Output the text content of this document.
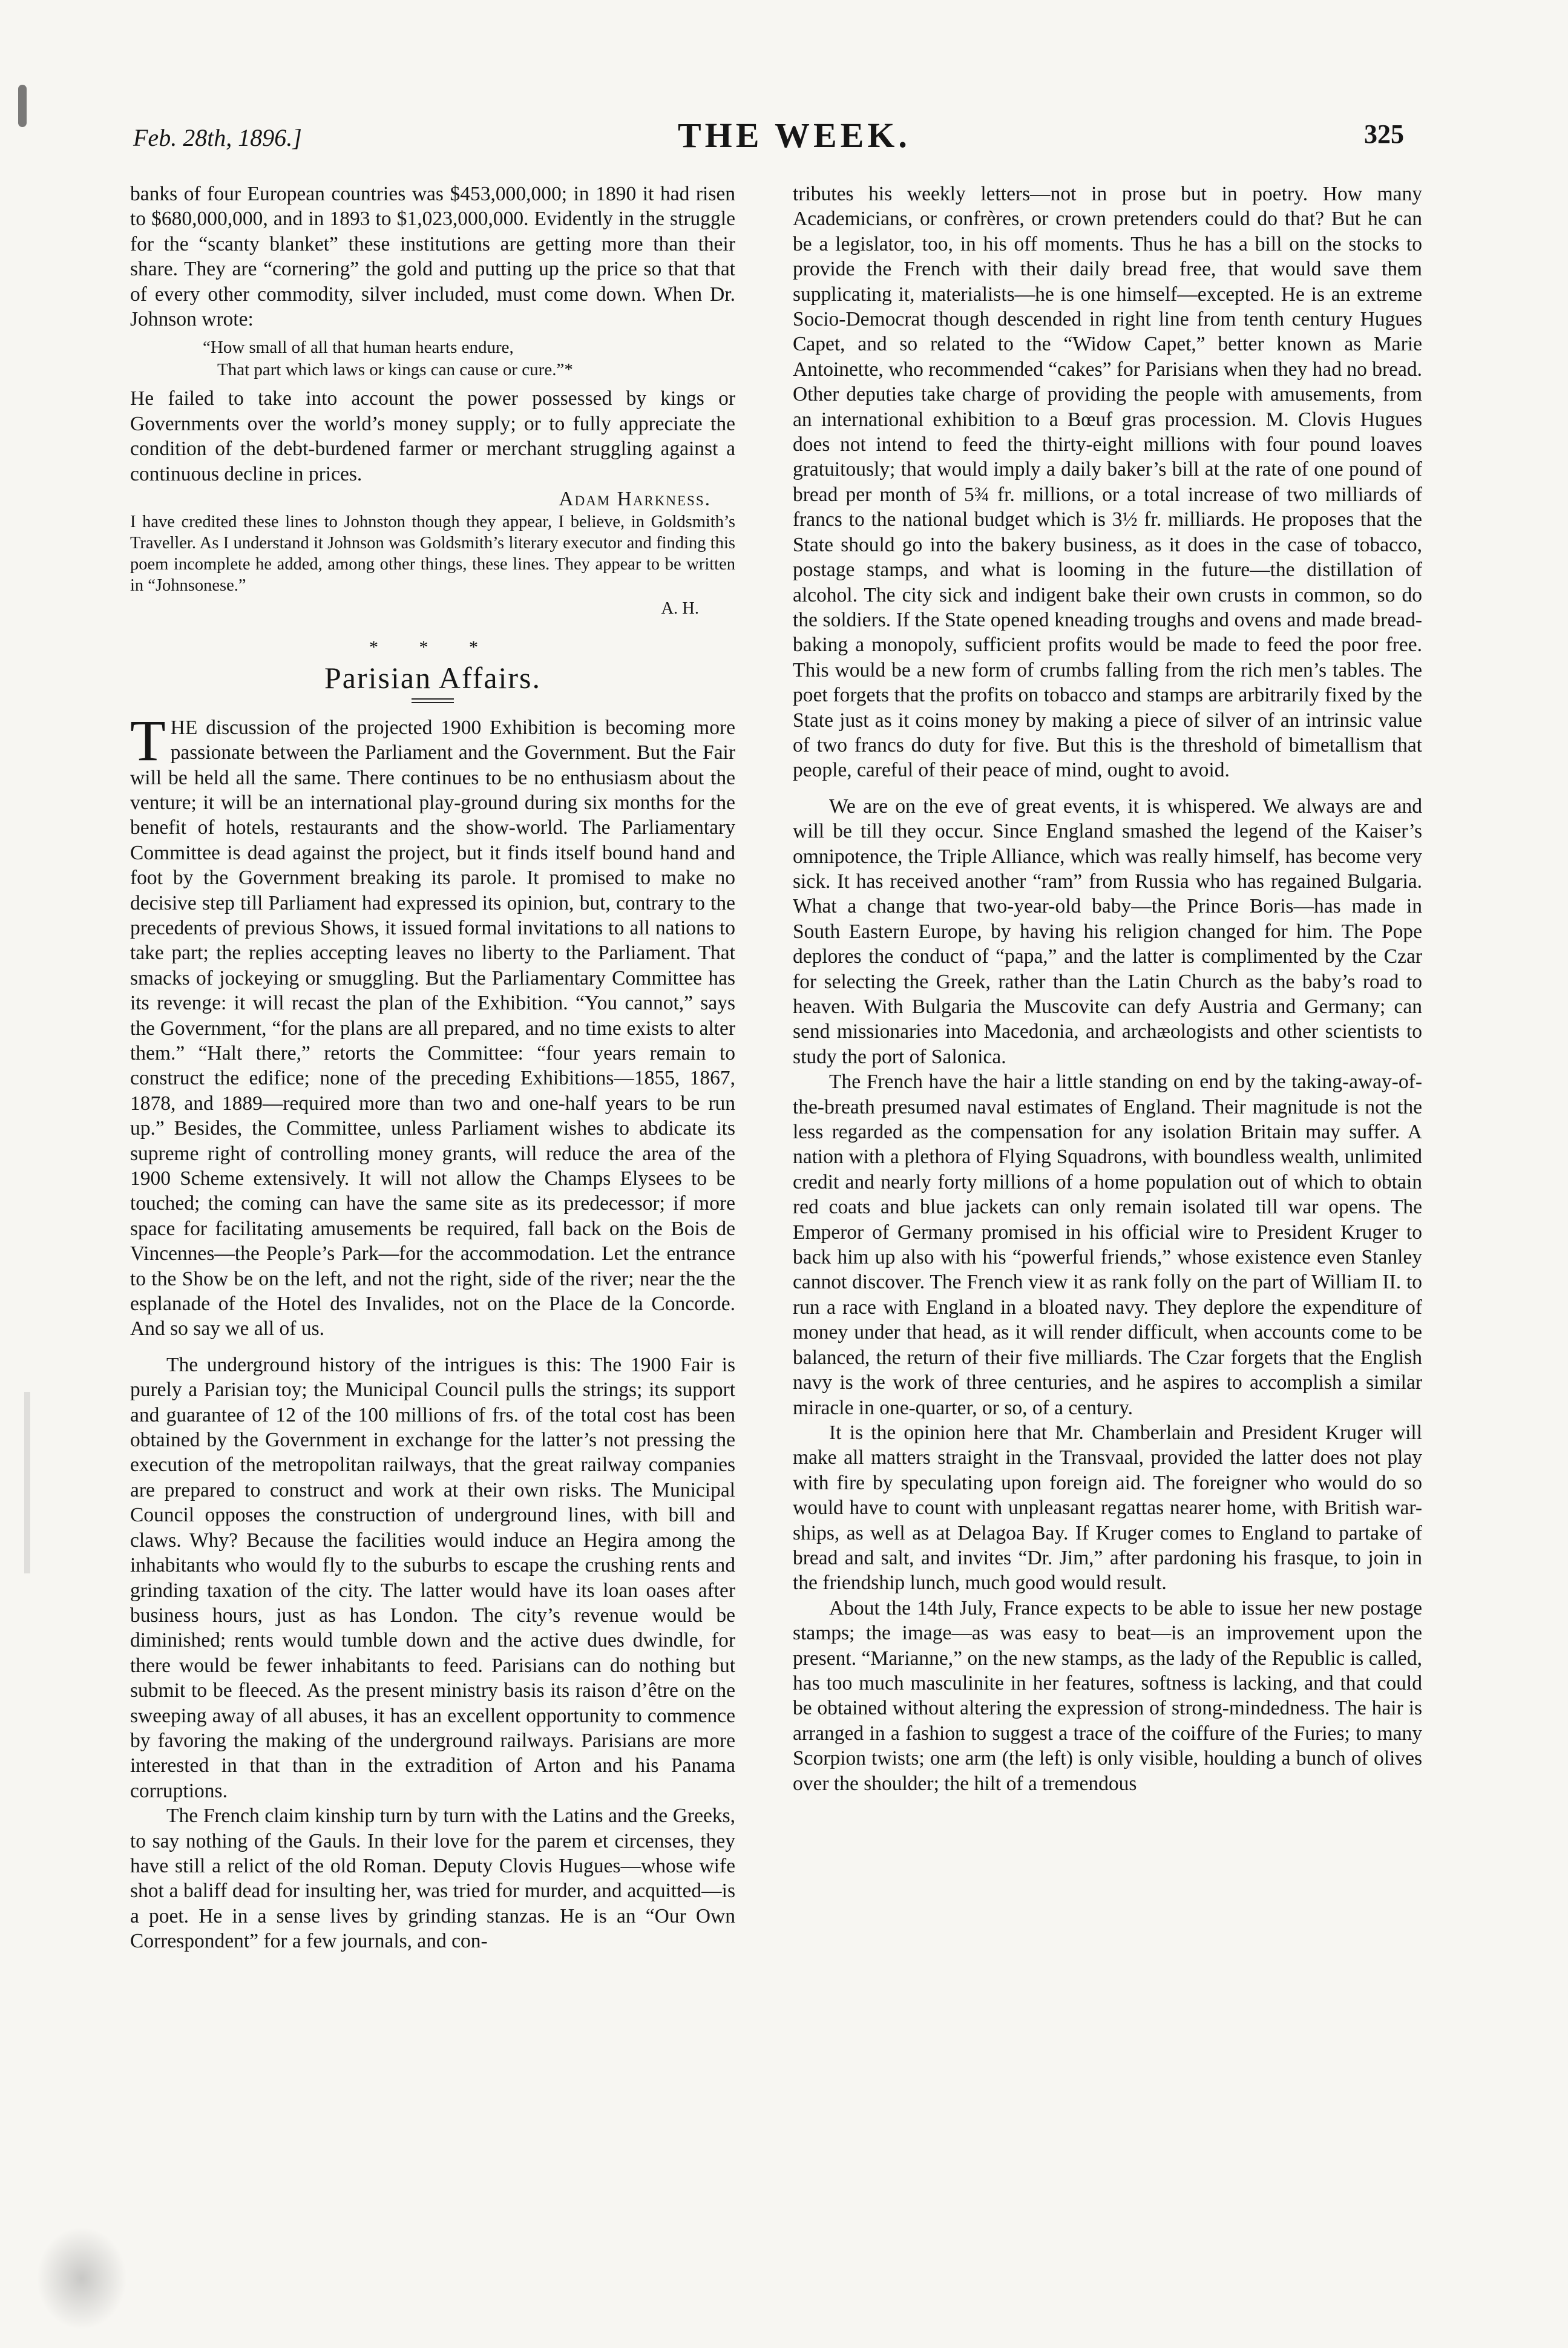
Feb. 28th, 1896.]	THE WEEK.	325

banks of four European countries was $453,000,000; in 1890 it had risen to $680,000,000, and in 1893 to $1,023,000,000. Evidently in the struggle for the “scanty blanket” these institutions are getting more than their share. They are “cornering” the gold and putting up the price so that that of every other commodity, silver included, must come down. When Dr. Johnson wrote:

“How small of all that human hearts endure,
That part which laws or kings can cause or cure.”*

He failed to take into account the power possessed by kings or Governments over the world’s money supply; or to fully appreciate the condition of the debt-burdened farmer or merchant struggling against a continuous decline in prices.

Adam Harkness.

I have credited these lines to Johnston though they appear, I believe, in Goldsmith’s Traveller. As I understand it Johnson was Goldsmith’s literary executor and finding this poem incomplete he added, among other things, these lines. They appear to be written in “Johnsonese.”

A. H.
* * *
Parisian Affairs.

THE discussion of the projected 1900 Exhibition is becoming more passionate between the Parliament and the Government. But the Fair will be held all the same. There continues to be no enthusiasm about the venture; it will be an international play-ground during six months for the benefit of hotels, restaurants and the show-world. The Parliamentary Committee is dead against the project, but it finds itself bound hand and foot by the Government breaking its parole. It promised to make no decisive step till Parliament had expressed its opinion, but, contrary to the precedents of previous Shows, it issued formal invitations to all nations to take part; the replies accepting leaves no liberty to the Parliament. That smacks of jockeying or smuggling. But the Parliamentary Committee has its revenge: it will recast the plan of the Exhibition. “You cannot,” says the Government, “for the plans are all prepared, and no time exists to alter them.” “Halt there,” retorts the Committee: “four years remain to construct the edifice; none of the preceding Exhibitions—1855, 1867, 1878, and 1889—required more than two and one-half years to be run up.” Besides, the Committee, unless Parliament wishes to abdicate its supreme right of controlling money grants, will reduce the area of the 1900 Scheme extensively. It will not allow the Champs Elysees to be touched; the coming can have the same site as its predecessor; if more space for facilitating amusements be required, fall back on the Bois de Vincennes—the People’s Park—for the accommodation. Let the entrance to the Show be on the left, and not the right, side of the river; near the the esplanade of the Hotel des Invalides, not on the Place de la Concorde. And so say we all of us.

The underground history of the intrigues is this: The 1900 Fair is purely a Parisian toy; the Municipal Council pulls the strings; its support and guarantee of 12 of the 100 millions of frs. of the total cost has been obtained by the Government in exchange for the latter’s not pressing the execution of the metropolitan railways, that the great railway companies are prepared to construct and work at their own risks. The Municipal Council opposes the construction of underground lines, with bill and claws. Why? Because the facilities would induce an Hegira among the inhabitants who would fly to the suburbs to escape the crushing rents and grinding taxation of the city. The latter would have its loan oases after business hours, just as has London. The city’s revenue would be diminished; rents would tumble down and the active dues dwindle, for there would be fewer inhabitants to feed. Parisians can do nothing but submit to be fleeced. As the present ministry basis its raison d’être on the sweeping away of all abuses, it has an excellent opportunity to commence by favoring the making of the underground railways. Parisians are more interested in that than in the extradition of Arton and his Panama corruptions.

The French claim kinship turn by turn with the Latins and the Greeks, to say nothing of the Gauls. In their love for the parem et circenses, they have still a relict of the old Roman. Deputy Clovis Hugues—whose wife shot a baliff dead for insulting her, was tried for murder, and acquitted—is a poet. He in a sense lives by grinding stanzas. He is an “Our Own Correspondent” for a few journals, and con-

tributes his weekly letters—not in prose but in poetry. How many Academicians, or confrères, or crown pretenders could do that? But he can be a legislator, too, in his off moments. Thus he has a bill on the stocks to provide the French with their daily bread free, that would save them supplicating it, materialists—he is one himself—excepted. He is an extreme Socio-Democrat though descended in right line from tenth century Hugues Capet, and so related to the “Widow Capet,” better known as Marie Antoinette, who recommended “cakes” for Parisians when they had no bread. Other deputies take charge of providing the people with amusements, from an international exhibition to a Bœuf gras procession. M. Clovis Hugues does not intend to feed the thirty-eight millions with four pound loaves gratuitously; that would imply a daily baker’s bill at the rate of one pound of bread per month of 5¾ fr. millions, or a total increase of two milliards of francs to the national budget which is 3½ fr. milliards. He proposes that the State should go into the bakery business, as it does in the case of tobacco, postage stamps, and what is looming in the future—the distillation of alcohol. The city sick and indigent bake their own crusts in common, so do the soldiers. If the State opened kneading troughs and ovens and made bread-baking a monopoly, sufficient profits would be made to feed the poor free. This would be a new form of crumbs falling from the rich men’s tables. The poet forgets that the profits on tobacco and stamps are arbitrarily fixed by the State just as it coins money by making a piece of silver of an intrinsic value of two francs do duty for five. But this is the threshold of bimetallism that people, careful of their peace of mind, ought to avoid.

We are on the eve of great events, it is whispered. We always are and will be till they occur. Since England smashed the legend of the Kaiser’s omnipotence, the Triple Alliance, which was really himself, has become very sick. It has received another “ram” from Russia who has regained Bulgaria. What a change that two-year-old baby—the Prince Boris—has made in South Eastern Europe, by having his religion changed for him. The Pope deplores the conduct of “papa,” and the latter is complimented by the Czar for selecting the Greek, rather than the Latin Church as the baby’s road to heaven. With Bulgaria the Muscovite can defy Austria and Germany; can send missionaries into Macedonia, and archæologists and other scientists to study the port of Salonica.

The French have the hair a little standing on end by the taking-away-of-the-breath presumed naval estimates of England. Their magnitude is not the less regarded as the compensation for any isolation Britain may suffer. A nation with a plethora of Flying Squadrons, with boundless wealth, unlimited credit and nearly forty millions of a home population out of which to obtain red coats and blue jackets can only remain isolated till war opens. The Emperor of Germany promised in his official wire to President Kruger to back him up also with his “powerful friends,” whose existence even Stanley cannot discover. The French view it as rank folly on the part of William II. to run a race with England in a bloated navy. They deplore the expenditure of money under that head, as it will render difficult, when accounts come to be balanced, the return of their five milliards. The Czar forgets that the English navy is the work of three centuries, and he aspires to accomplish a similar miracle in one-quarter, or so, of a century.

It is the opinion here that Mr. Chamberlain and President Kruger will make all matters straight in the Transvaal, provided the latter does not play with fire by speculating upon foreign aid. The foreigner who would do so would have to count with unpleasant regattas nearer home, with British war-ships, as well as at Delagoa Bay. If Kruger comes to England to partake of bread and salt, and invites “Dr. Jim,” after pardoning his frasque, to join in the friendship lunch, much good would result.

About the 14th July, France expects to be able to issue her new postage stamps; the image—as was easy to beat—is an improvement upon the present. “Marianne,” on the new stamps, as the lady of the Republic is called, has too much masculinite in her features, softness is lacking, and that could be obtained without altering the expression of strong-mindedness. The hair is arranged in a fashion to suggest a trace of the coiffure of the Furies; to many Scorpion twists; one arm (the left) is only visible, houlding a bunch of olives over the shoulder; the hilt of a tremendous
